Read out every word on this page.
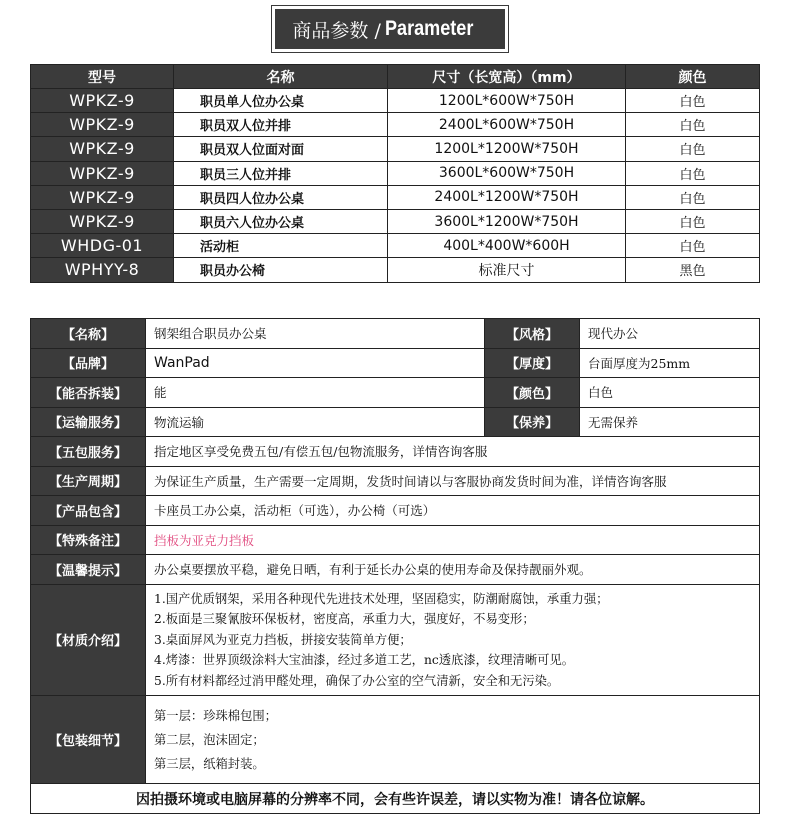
商品参数 / Parameter
型号	名称	尺寸（长宽高）（mm）	颜色
WPKZ-9	职员单人位办公桌	1200L*600W*750H	白色
WPKZ-9	职员双人位并排	2400L*600W*750H	白色
WPKZ-9	职员双人位面对面	1200L*1200W*750H	白色
WPKZ-9	职员三人位并排	3600L*600W*750H	白色
WPKZ-9	职员四人位办公桌	2400L*1200W*750H	白色
WPKZ-9	职员六人位办公桌	3600L*1200W*750H	白色
WHDG-01	活动柜	400L*400W*600H	白色
WPHYY-8	职员办公椅	标准尺寸	黑色
【名称】	钢架组合职员办公桌	【风格】	现代办公
【品牌】	WanPad	【厚度】	台面厚度为25mm
【能否拆装】	能	【颜色】	白色
【运输服务】	物流运输	【保养】	无需保养
【五包服务】	指定地区享受免费五包/有偿五包/包物流服务，详情咨询客服		
【生产周期】	为保证生产质量，生产需要一定周期，发货时间请以与客服协商发货时间为准，详情咨询客服		
【产品包含】	卡座员工办公桌，活动柜（可选），办公椅（可选）		
【特殊备注】	挡板为亚克力挡板		
【温馨提示】	办公桌要摆放平稳，避免日晒，有利于延长办公桌的使用寿命及保持靓丽外观。		
【材质介绍】	1.国产优质钢架，采用各种现代先进技术处理，坚固稳实，防潮耐腐蚀，承重力强；
2.板面是三聚氰胺环保板材，密度高，承重力大，强度好，不易变形；
3.桌面屏风为亚克力挡板，拼接安装简单方便；
4.烤漆：世界顶级涂料大宝油漆，经过多道工艺，nc透底漆，纹理清晰可见。
5.所有材料都经过消甲醛处理，确保了办公室的空气清新，安全和无污染。		

【包装细节】	第一层：珍珠棉包围；
第二层，泡沫固定；
第三层，纸箱封装。		

因拍摄环境或电脑屏幕的分辨率不同，会有些许误差，请以实物为准！请各位谅解。			
